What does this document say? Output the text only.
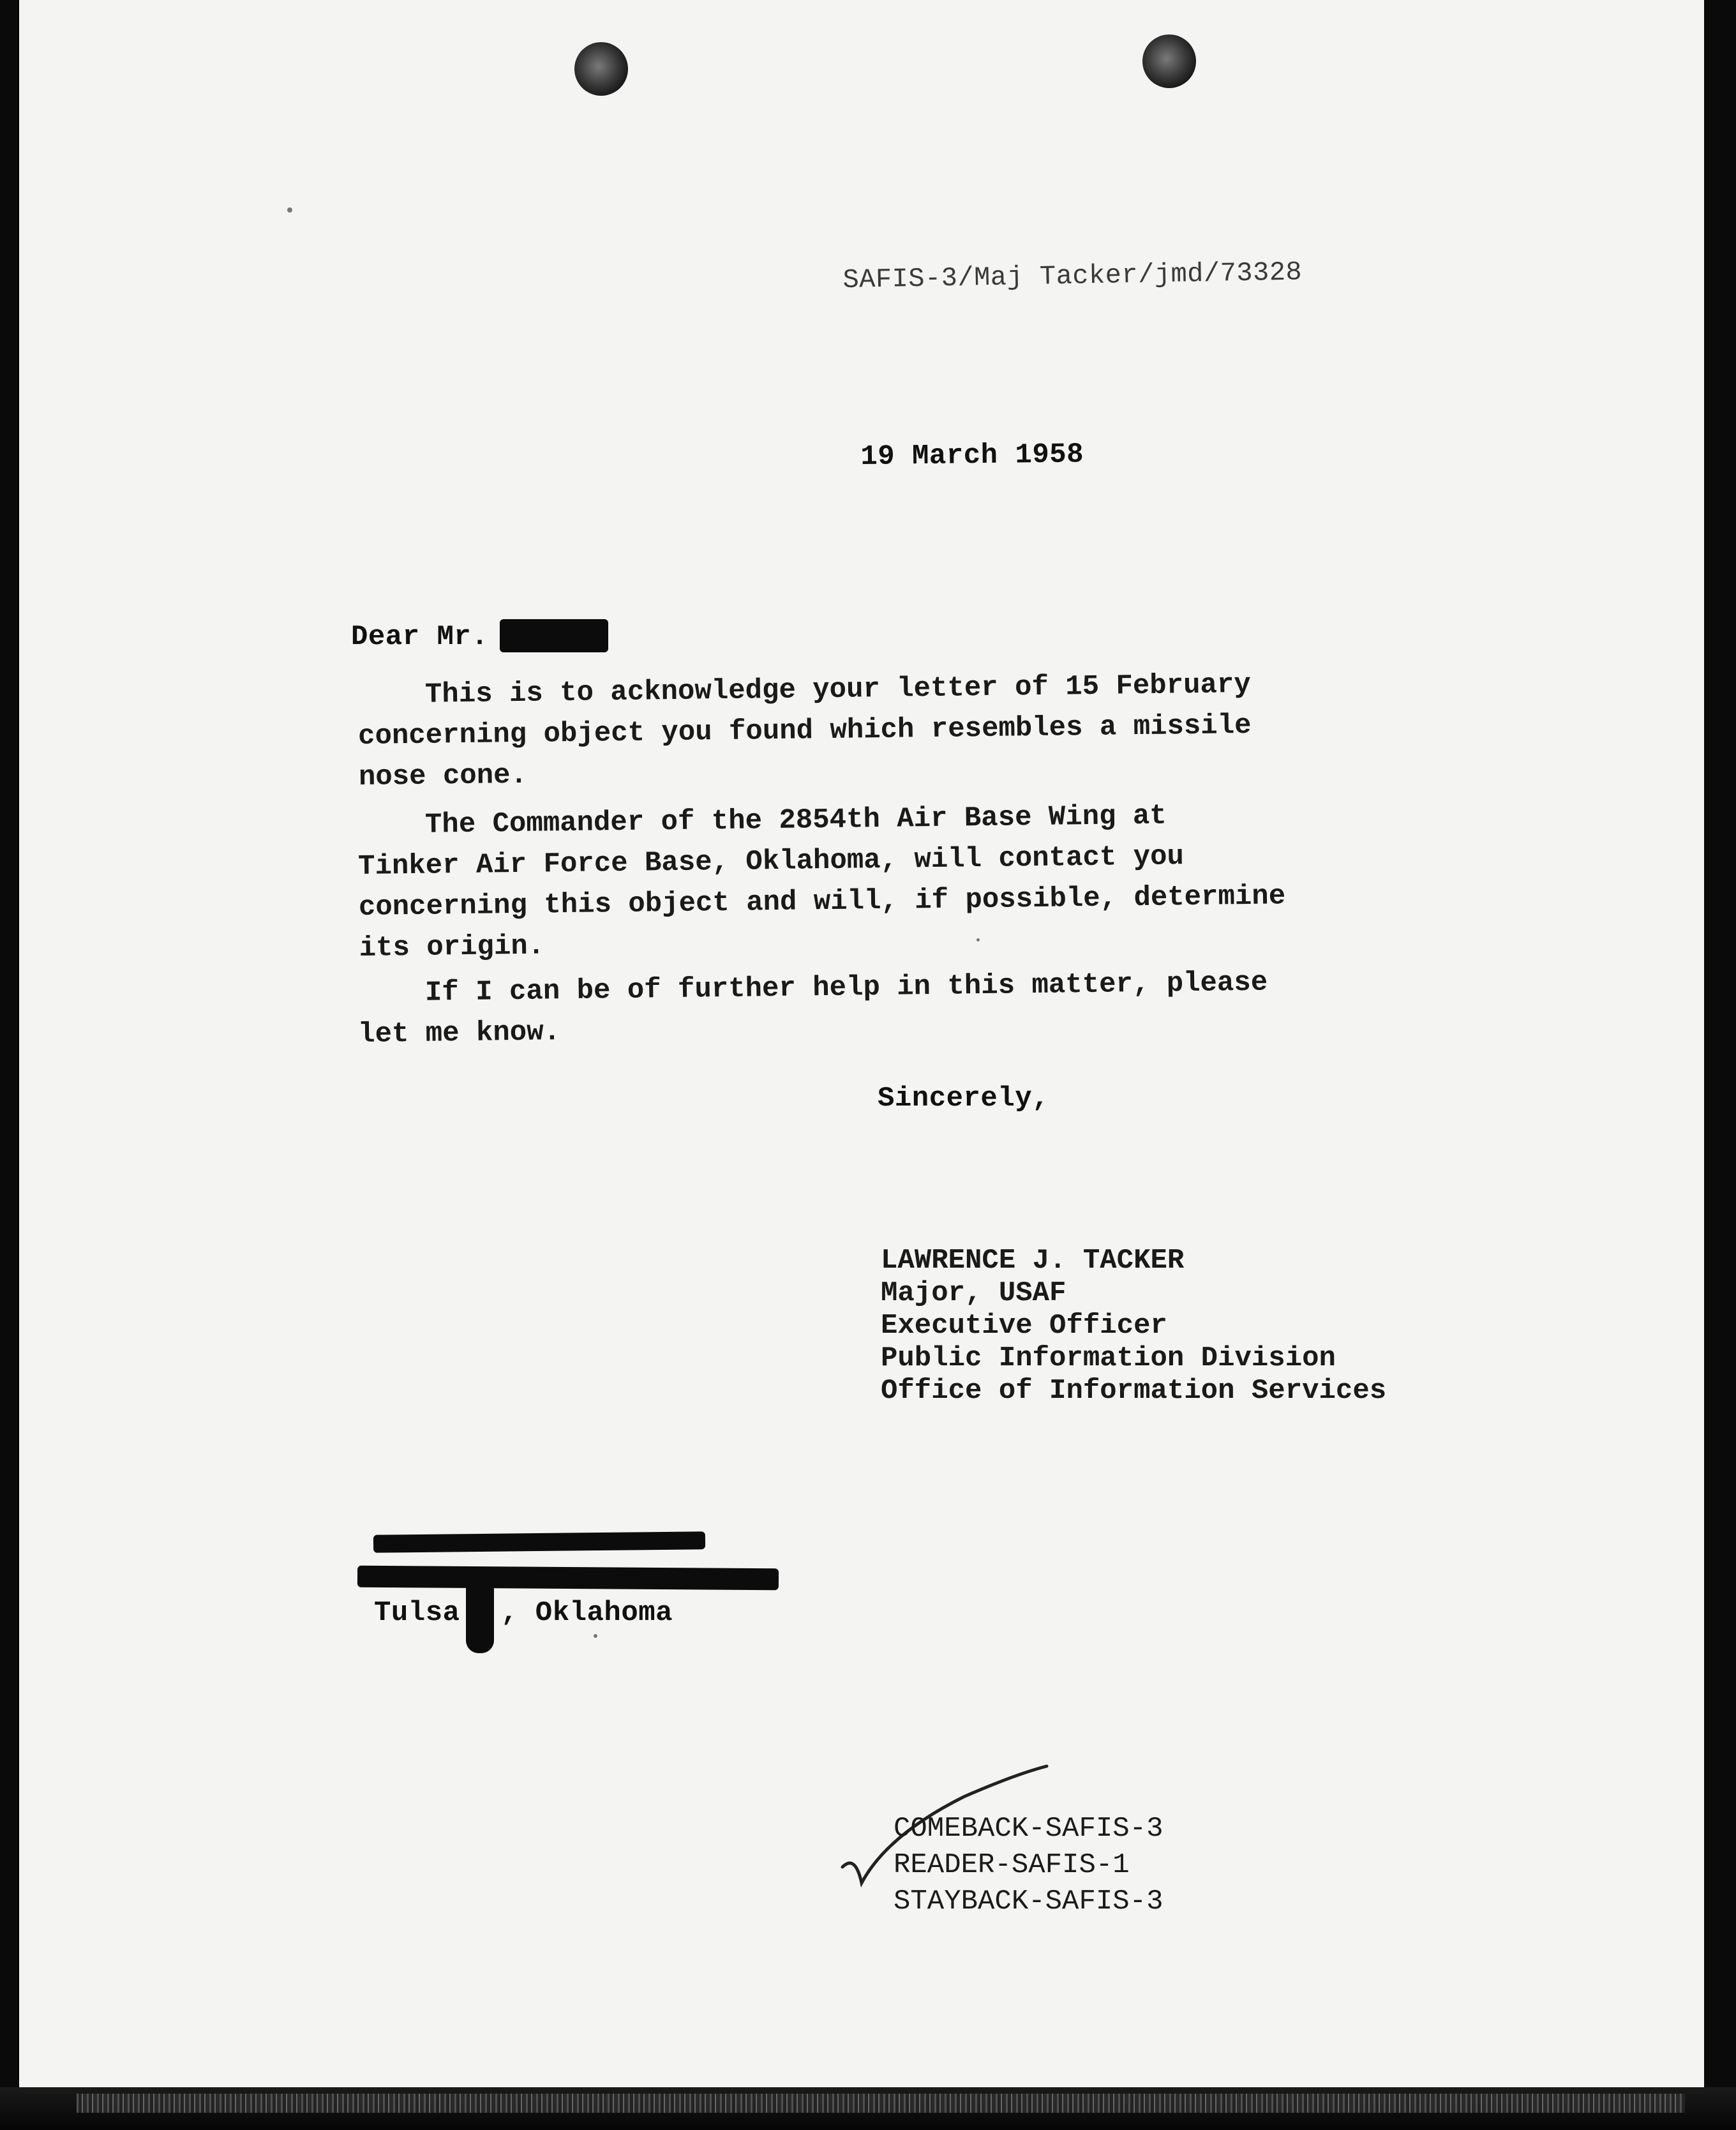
SAFIS-3/Maj Tacker/jmd/73328
19 March 1958
Dear Mr.
This is to acknowledge your letter of 15 February
concerning object you found which resembles a missile
nose cone.
The Commander of the 2854th Air Base Wing at
Tinker Air Force Base, Oklahoma, will contact you
concerning this object and will, if possible, determine
its origin.
If I can be of further help in this matter, please
let me know.
Sincerely,
LAWRENCE J. TACKER
Major, USAF
Executive Officer
Public Information Division
Office of Information Services
Tulsa , Oklahoma
COMEBACK-SAFIS-3
READER-SAFIS-1
STAYBACK-SAFIS-3
